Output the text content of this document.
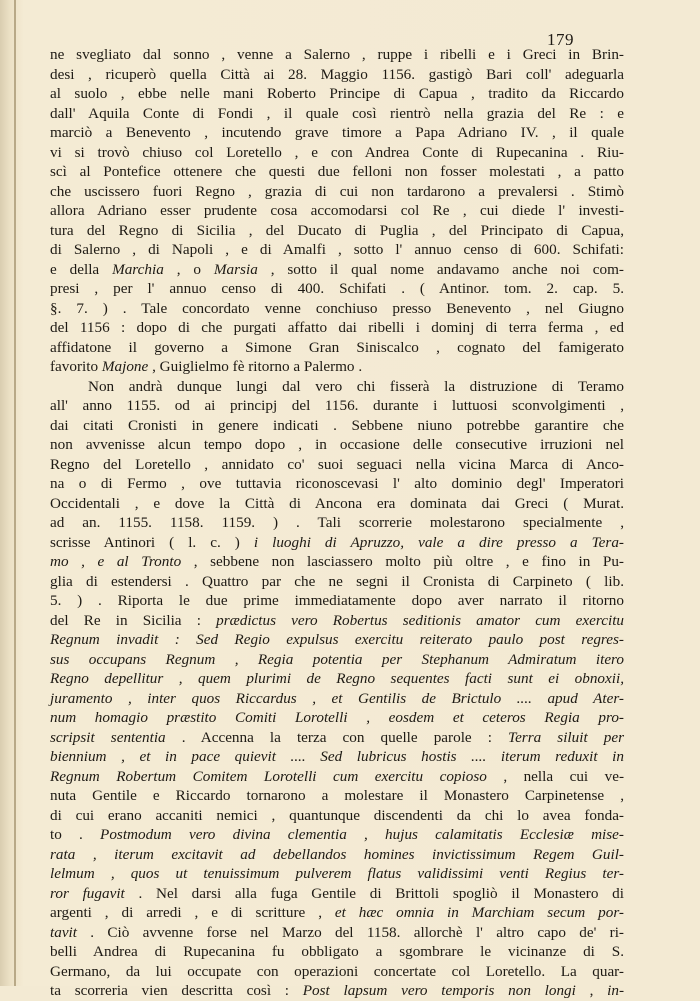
179
ne svegliato dal sonno , venne a Salerno , ruppe i ribelli e i Greci in Brin-
desi , ricuperò quella Città ai 28. Maggio 1156. gastigò Bari coll' adeguarla
al suolo , ebbe nelle mani Roberto Principe di Capua , tradito da Riccardo
dall' Aquila Conte di Fondi , il quale così rientrò nella grazia del Re : e
marciò a Benevento , incutendo grave timore a Papa Adriano IV. , il quale
vi si trovò chiuso col Loretello , e con Andrea Conte di Rupecanina . Riu-
scì al Pontefice ottenere che questi due felloni non fosser molestati , a patto
che uscissero fuori Regno , grazia di cui non tardarono a prevalersi . Stimò
allora Adriano esser prudente cosa accomodarsi col Re , cui diede l' investi-
tura del Regno di Sicilia , del Ducato di Puglia , del Principato di Capua,
di Salerno , di Napoli , e di Amalfi , sotto l' annuo censo di 600. Schifati:
e della Marchia , o Marsia , sotto il qual nome andavamo anche noi com-
presi , per l' annuo censo di 400. Schifati . ( Antinor. tom. 2. cap. 5.
§. 7. ) . Tale concordato venne conchiuso presso Benevento , nel Giugno
del 1156 : dopo di che purgati affatto dai ribelli i dominj di terra ferma , ed
affidatone il governo a Simone Gran Siniscalco , cognato del famigerato
favorito Majone , Guiglielmo fè ritorno a Palermo .
Non andrà dunque lungi dal vero chi fisserà la distruzione di Teramo
all' anno 1155. od ai principj del 1156. durante i luttuosi sconvolgimenti ,
dai citati Cronisti in genere indicati . Sebbene niuno potrebbe garantire che
non avvenisse alcun tempo dopo , in occasione delle consecutive irruzioni nel
Regno del Loretello , annidato co' suoi seguaci nella vicina Marca di Anco-
na o di Fermo , ove tuttavia riconoscevasi l' alto dominio degl' Imperatori
Occidentali , e dove la Città di Ancona era dominata dai Greci ( Murat.
ad an. 1155. 1158. 1159. ) . Tali scorrerie molestarono specialmente ,
scrisse Antinori ( l. c. ) i luoghi di Apruzzo, vale a dire presso a Tera-
mo , e al Tronto , sebbene non lasciassero molto più oltre , e fino in Pu-
glia di estendersi . Quattro par che ne segni il Cronista di Carpineto ( lib.
5. ) . Riporta le due prime immediatamente dopo aver narrato il ritorno
del Re in Sicilia : prædictus vero Robertus seditionis amator cum exercitu
Regnum invadit : Sed Regio expulsus exercitu reiterato paulo post regres-
sus occupans Regnum , Regia potentia per Stephanum Admiratum itero
Regno depellitur , quem plurimi de Regno sequentes facti sunt ei obnoxii,
juramento , inter quos Riccardus , et Gentilis de Brictulo .... apud Ater-
num homagio præstito Comiti Lorotelli , eosdem et ceteros Regia pro-
scripsit sententia . Accenna la terza con quelle parole : Terra siluit per
biennium , et in pace quievit .... Sed lubricus hostis .... iterum reduxit in
Regnum Robertum Comitem Lorotelli cum exercitu copioso , nella cui ve-
nuta Gentile e Riccardo tornarono a molestare il Monastero Carpinetense ,
di cui erano accaniti nemici , quantunque discendenti da chi lo avea fonda-
to . Postmodum vero divina clementia , hujus calamitatis Ecclesiæ mise-
rata , iterum excitavit ad debellandos homines invictissimum Regem Guil-
lelmum , quos ut tenuissimum pulverem flatus validissimi venti Regius ter-
ror fugavit . Nel darsi alla fuga Gentile di Brittoli spogliò il Monastero di
argenti , di arredi , e di scritture , et hæc omnia in Marchiam secum por-
tavit . Ciò avvenne forse nel Marzo del 1158. allorchè l' altro capo de' ri-
belli Andrea di Rupecanina fu obbligato a sgombrare le vicinanze di S.
Germano, da lui occupate con operazioni concertate col Loretello. La quar-
ta scorreria vien descritta così : Post lapsum vero temporis non longi , in-
